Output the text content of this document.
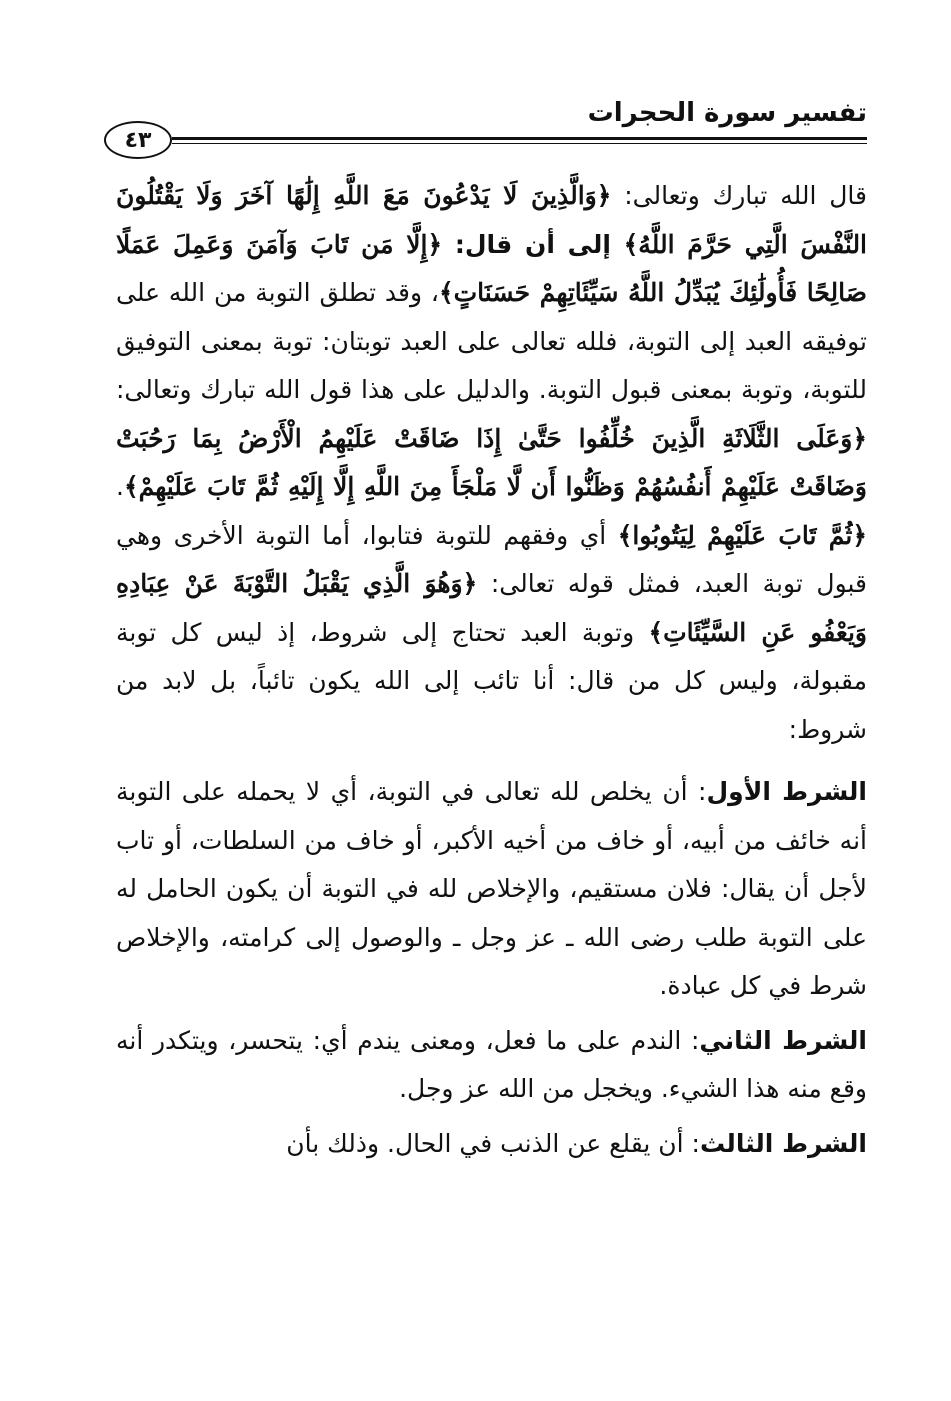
تفسير سورة الحجرات
٤٣

قال الله تبارك وتعالى: ﴿وَالَّذِينَ لَا يَدْعُونَ مَعَ اللَّهِ إِلَٰهًا آخَرَ وَلَا يَقْتُلُونَ النَّفْسَ الَّتِي حَرَّمَ اللَّهُ﴾ إلى أن قال: ﴿إِلَّا مَن تَابَ وَآمَنَ وَعَمِلَ عَمَلًا صَالِحًا فَأُولَٰئِكَ يُبَدِّلُ اللَّهُ سَيِّئَاتِهِمْ حَسَنَاتٍ﴾، وقد تطلق التوبة من الله على توفيقه العبد إلى التوبة، فلله تعالى على العبد توبتان: توبة بمعنى التوفيق للتوبة، وتوبة بمعنى قبول التوبة. والدليل على هذا قول الله تبارك وتعالى: ﴿وَعَلَى الثَّلَاثَةِ الَّذِينَ خُلِّفُوا حَتَّىٰ إِذَا ضَاقَتْ عَلَيْهِمُ الْأَرْضُ بِمَا رَحُبَتْ وَضَاقَتْ عَلَيْهِمْ أَنفُسُهُمْ وَظَنُّوا أَن لَّا مَلْجَأَ مِنَ اللَّهِ إِلَّا إِلَيْهِ ثُمَّ تَابَ عَلَيْهِمْ﴾. ﴿ثُمَّ تَابَ عَلَيْهِمْ لِيَتُوبُوا﴾ أي وفقهم للتوبة فتابوا، أما التوبة الأخرى وهي قبول توبة العبد، فمثل قوله تعالى: ﴿وَهُوَ الَّذِي يَقْبَلُ التَّوْبَةَ عَنْ عِبَادِهِ وَيَعْفُو عَنِ السَّيِّئَاتِ﴾ وتوبة العبد تحتاج إلى شروط، إذ ليس كل توبة مقبولة، وليس كل من قال: أنا تائب إلى الله يكون تائباً، بل لابد من شروط:

الشرط الأول: أن يخلص لله تعالى في التوبة، أي لا يحمله على التوبة أنه خائف من أبيه، أو خاف من أخيه الأكبر، أو خاف من السلطات، أو تاب لأجل أن يقال: فلان مستقيم، والإخلاص لله في التوبة أن يكون الحامل له على التوبة طلب رضى الله ـ عز وجل ـ والوصول إلى كرامته، والإخلاص شرط في كل عبادة.

الشرط الثاني: الندم على ما فعل، ومعنى يندم أي: يتحسر، ويتكدر أنه وقع منه هذا الشيء. ويخجل من الله عز وجل.

الشرط الثالث: أن يقلع عن الذنب في الحال. وذلك بأن
